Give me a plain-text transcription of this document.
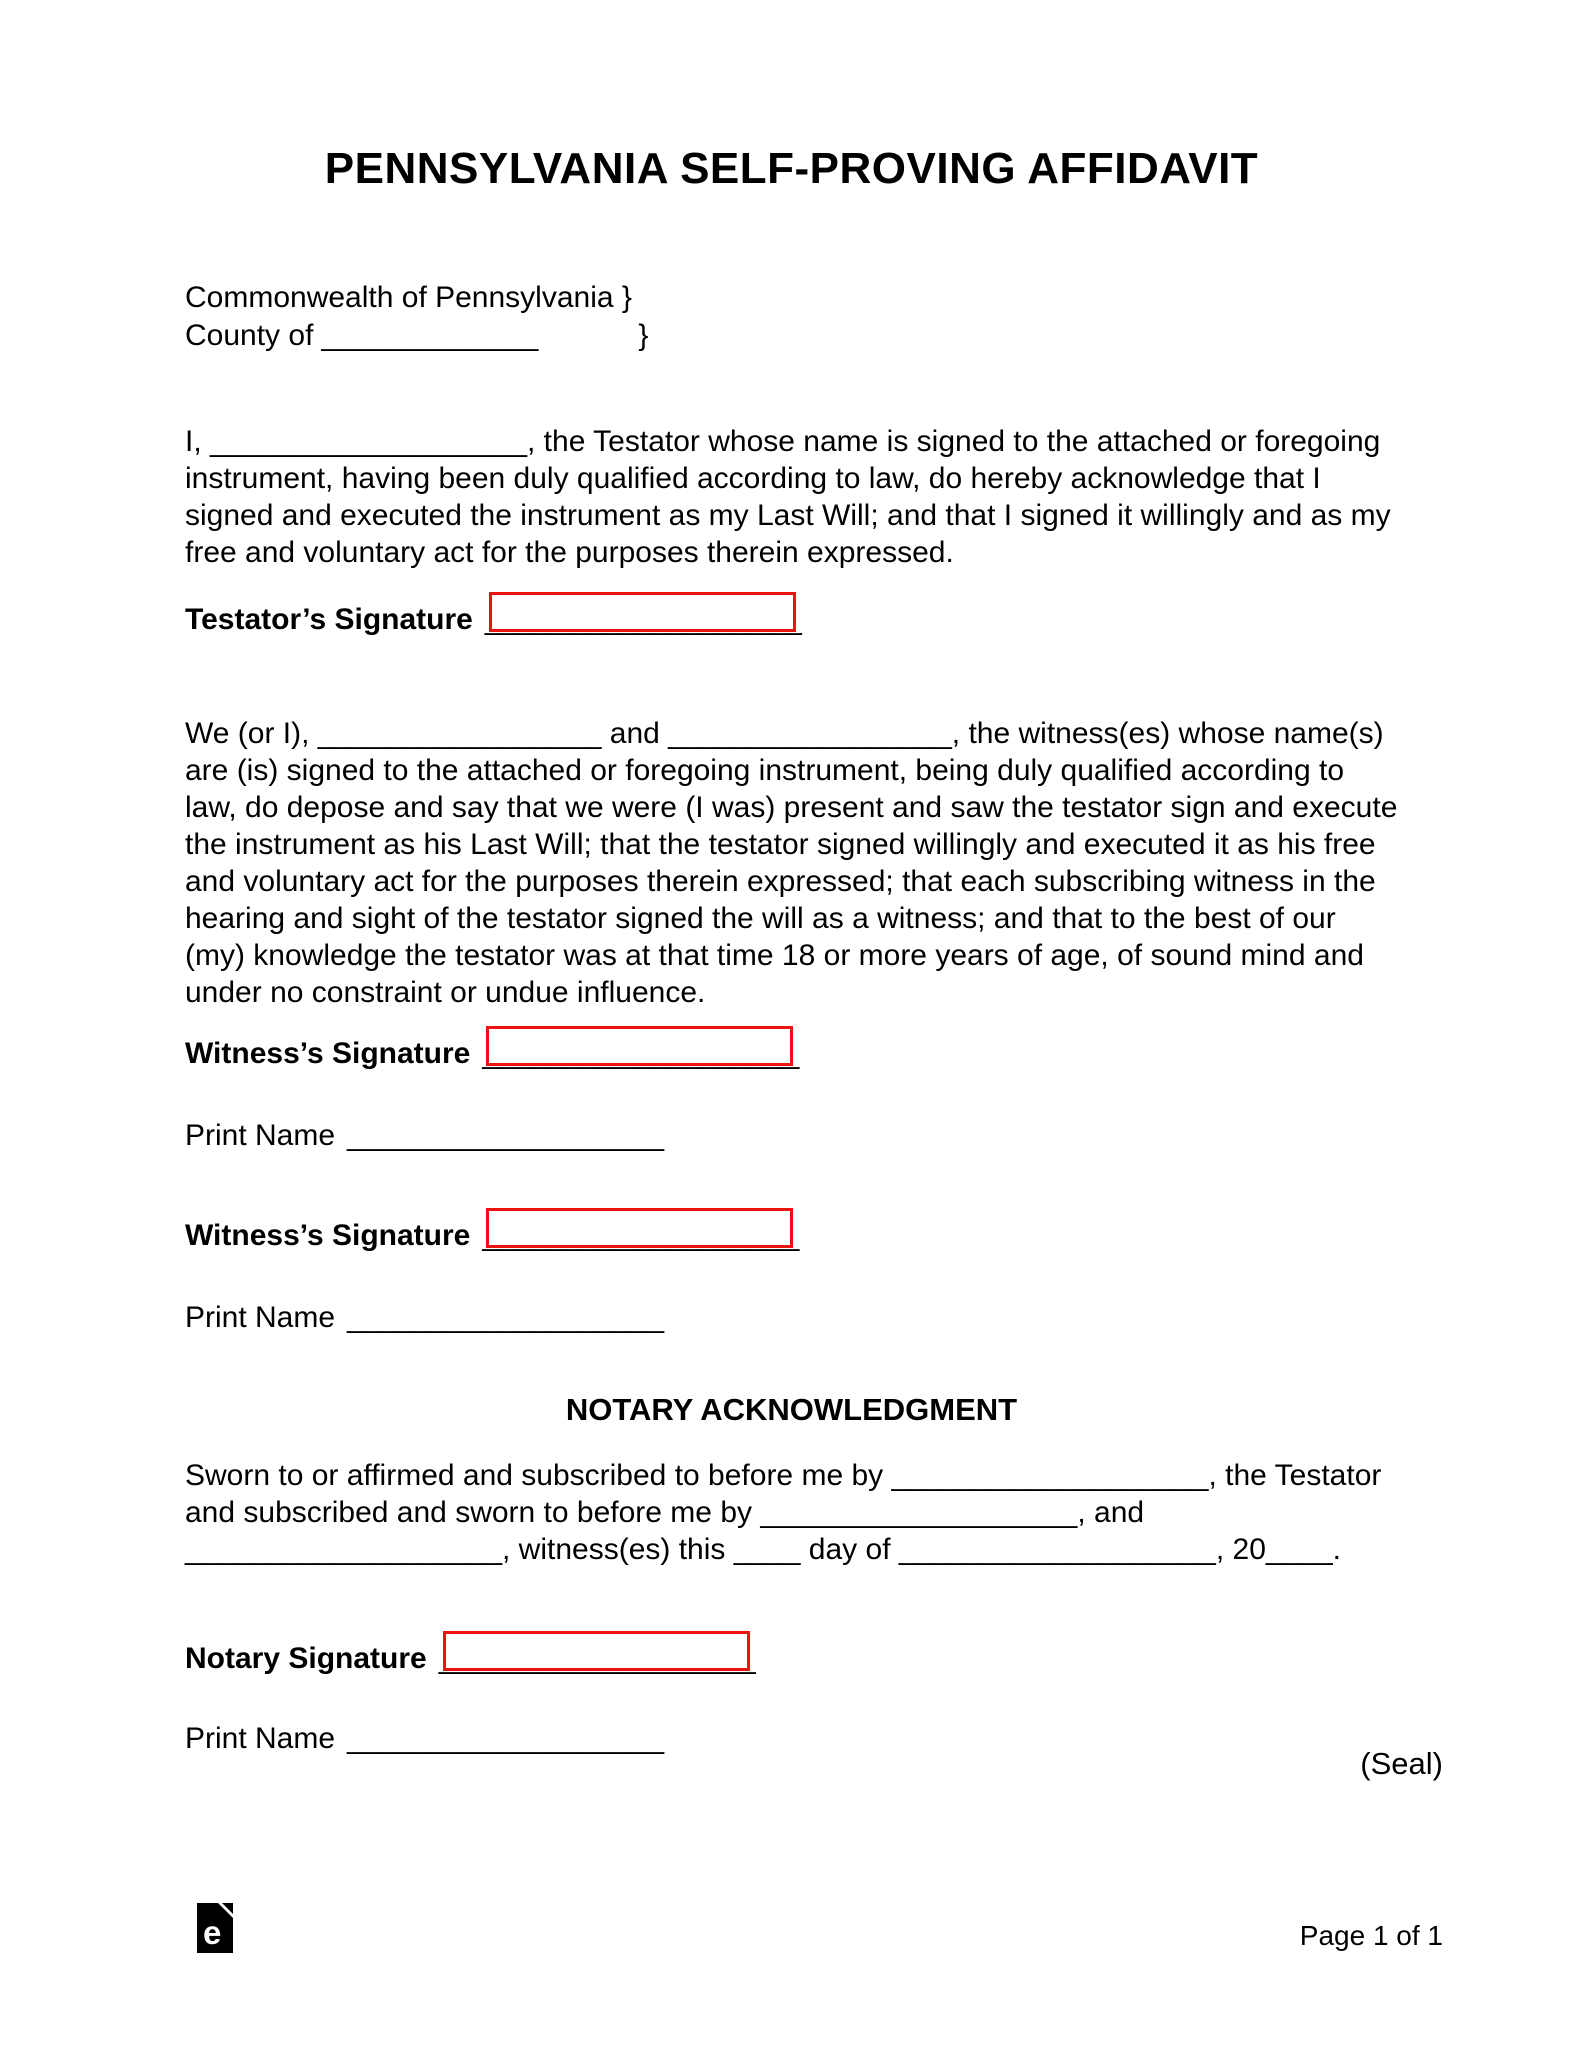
PENNSYLVANIA SELF-PROVING AFFIDAVIT
Commonwealth of Pennsylvania }
County of _____________	}

I, ___________________, the Testator whose name is signed to the attached or foregoing instrument, having been duly qualified according to law, do hereby acknowledge that I signed and executed the instrument as my Last Will; and that I signed it willingly and as my free and voluntary act for the purposes therein expressed.

Testator’s Signature ___________________

We (or I), _________________ and _________________, the witness(es) whose name(s) are (is) signed to the attached or foregoing instrument, being duly qualified according to law, do depose and say that we were (I was) present and saw the testator sign and execute the instrument as his Last Will; that the testator signed willingly and executed it as his free and voluntary act for the purposes therein expressed; that each subscribing witness in the hearing and sight of the testator signed the will as a witness; and that to the best of our (my) knowledge the testator was at that time 18 or more years of age, of sound mind and under no constraint or undue influence.

Witness’s Signature ___________________
Print Name ___________________
Witness’s Signature ___________________
Print Name ___________________
NOTARY ACKNOWLEDGMENT

Sworn to or affirmed and subscribed to before me by ___________________, the Testator and subscribed and sworn to before me by ___________________, and ___________________, witness(es) this ____ day of ___________________, 20____.

Notary Signature ___________________
Print Name ___________________
(Seal)
e	Page 1 of 1
